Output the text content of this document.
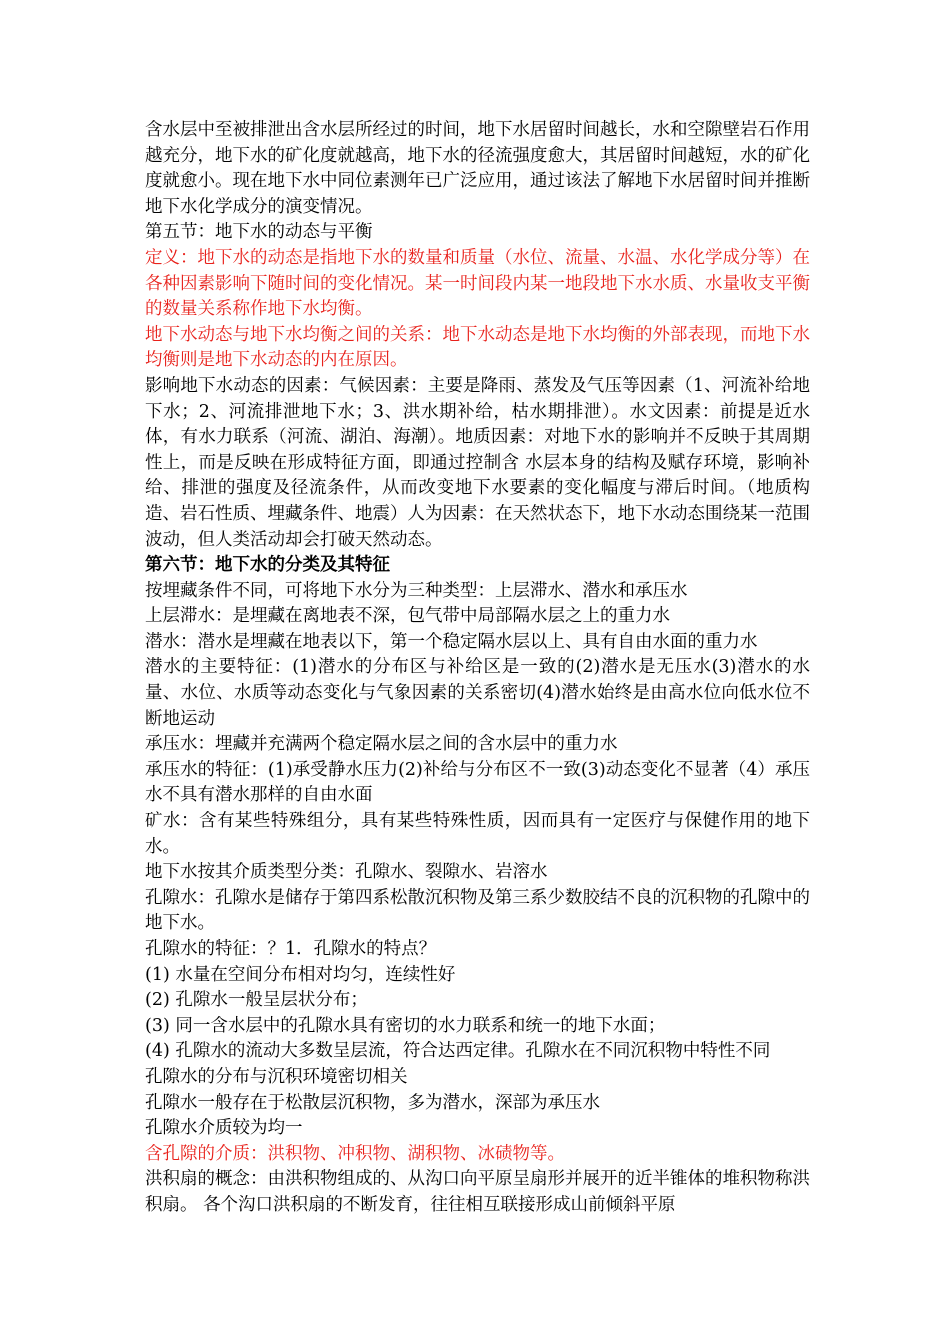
含水层中至被排泄出含水层所经过的时间，地下水居留时间越长，水和空隙壁岩石作用越充分，地下水的矿化度就越高，地下水的径流强度愈大，其居留时间越短，水的矿化度就愈小。现在地下水中同位素测年已广泛应用，通过该法了解地下水居留时间并推断地下水化学成分的演变情况。

第五节：地下水的动态与平衡

定义：地下水的动态是指地下水的数量和质量（水位、流量、水温、水化学成分等）在各种因素影响下随时间的变化情况。某一时间段内某一地段地下水水质、水量收支平衡的数量关系称作地下水均衡。

地下水动态与地下水均衡之间的关系：地下水动态是地下水均衡的外部表现，而地下水均衡则是地下水动态的内在原因。

影响地下水动态的因素：气候因素：主要是降雨、蒸发及气压等因素（1、河流补给地下水；2、河流排泄地下水；3、洪水期补给，枯水期排泄）。水文因素：前提是近水体，有水力联系（河流、湖泊、海潮）。地质因素：对地下水的影响并不反映于其周期性上，而是反映在形成特征方面，即通过控制含 水层本身的结构及赋存环境，影响补给、排泄的强度及径流条件，从而改变地下水要素的变化幅度与滞后时间。（地质构造、岩石性质、埋藏条件、地震）人为因素：在天然状态下，地下水动态围绕某一范围波动，但人类活动却会打破天然动态。

第六节：地下水的分类及其特征

按埋藏条件不同，可将地下水分为三种类型：上层滞水、潜水和承压水

上层滞水：是埋藏在离地表不深，包气带中局部隔水层之上的重力水

潜水：潜水是埋藏在地表以下，第一个稳定隔水层以上、具有自由水面的重力水

潜水的主要特征：(1)潜水的分布区与补给区是一致的(2)潜水是无压水(3)潜水的水量、水位、水质等动态变化与气象因素的关系密切(4)潜水始终是由高水位向低水位不断地运动

承压水：埋藏并充满两个稳定隔水层之间的含水层中的重力水

承压水的特征：(1)承受静水压力(2)补给与分布区不一致(3)动态变化不显著（4）承压水不具有潜水那样的自由水面

矿水：含有某些特殊组分，具有某些特殊性质，因而具有一定医疗与保健作用的地下水。

地下水按其介质类型分类：孔隙水、裂隙水、岩溶水

孔隙水：孔隙水是储存于第四系松散沉积物及第三系少数胶结不良的沉积物的孔隙中的地下水。

孔隙水的特征：？1．孔隙水的特点？

(1) 水量在空间分布相对均匀，连续性好

(2) 孔隙水一般呈层状分布；

(3) 同一含水层中的孔隙水具有密切的水力联系和统一的地下水面；

(4) 孔隙水的流动大多数呈层流，符合达西定律。孔隙水在不同沉积物中特性不同

孔隙水的分布与沉积环境密切相关

孔隙水一般存在于松散层沉积物，多为潜水，深部为承压水

孔隙水介质较为均一

含孔隙的介质：洪积物、冲积物、湖积物、冰碛物等。

洪积扇的概念：由洪积物组成的、从沟口向平原呈扇形并展开的近半锥体的堆积物称洪积扇。 各个沟口洪积扇的不断发育，往往相互联接形成山前倾斜平原
